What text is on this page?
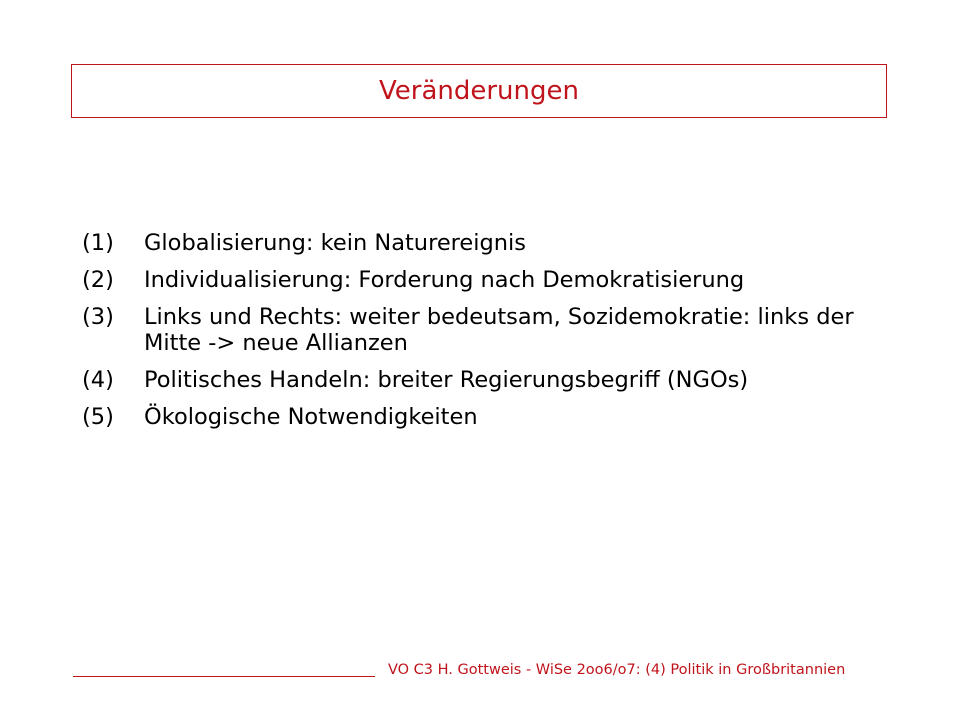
Veränderungen
(1)	Globalisierung: kein Naturereignis
(2)	Individualisierung: Forderung nach Demokratisierung
(3)	Links und Rechts: weiter bedeutsam, Sozidemokratie: links der Mitte -> neue Allianzen
(4)	Politisches Handeln: breiter Regierungsbegriff (NGOs)
(5)	Ökologische Notwendigkeiten
VO C3 H. Gottweis - WiSe 2oo6/o7: (4) Politik in Großbritannien
